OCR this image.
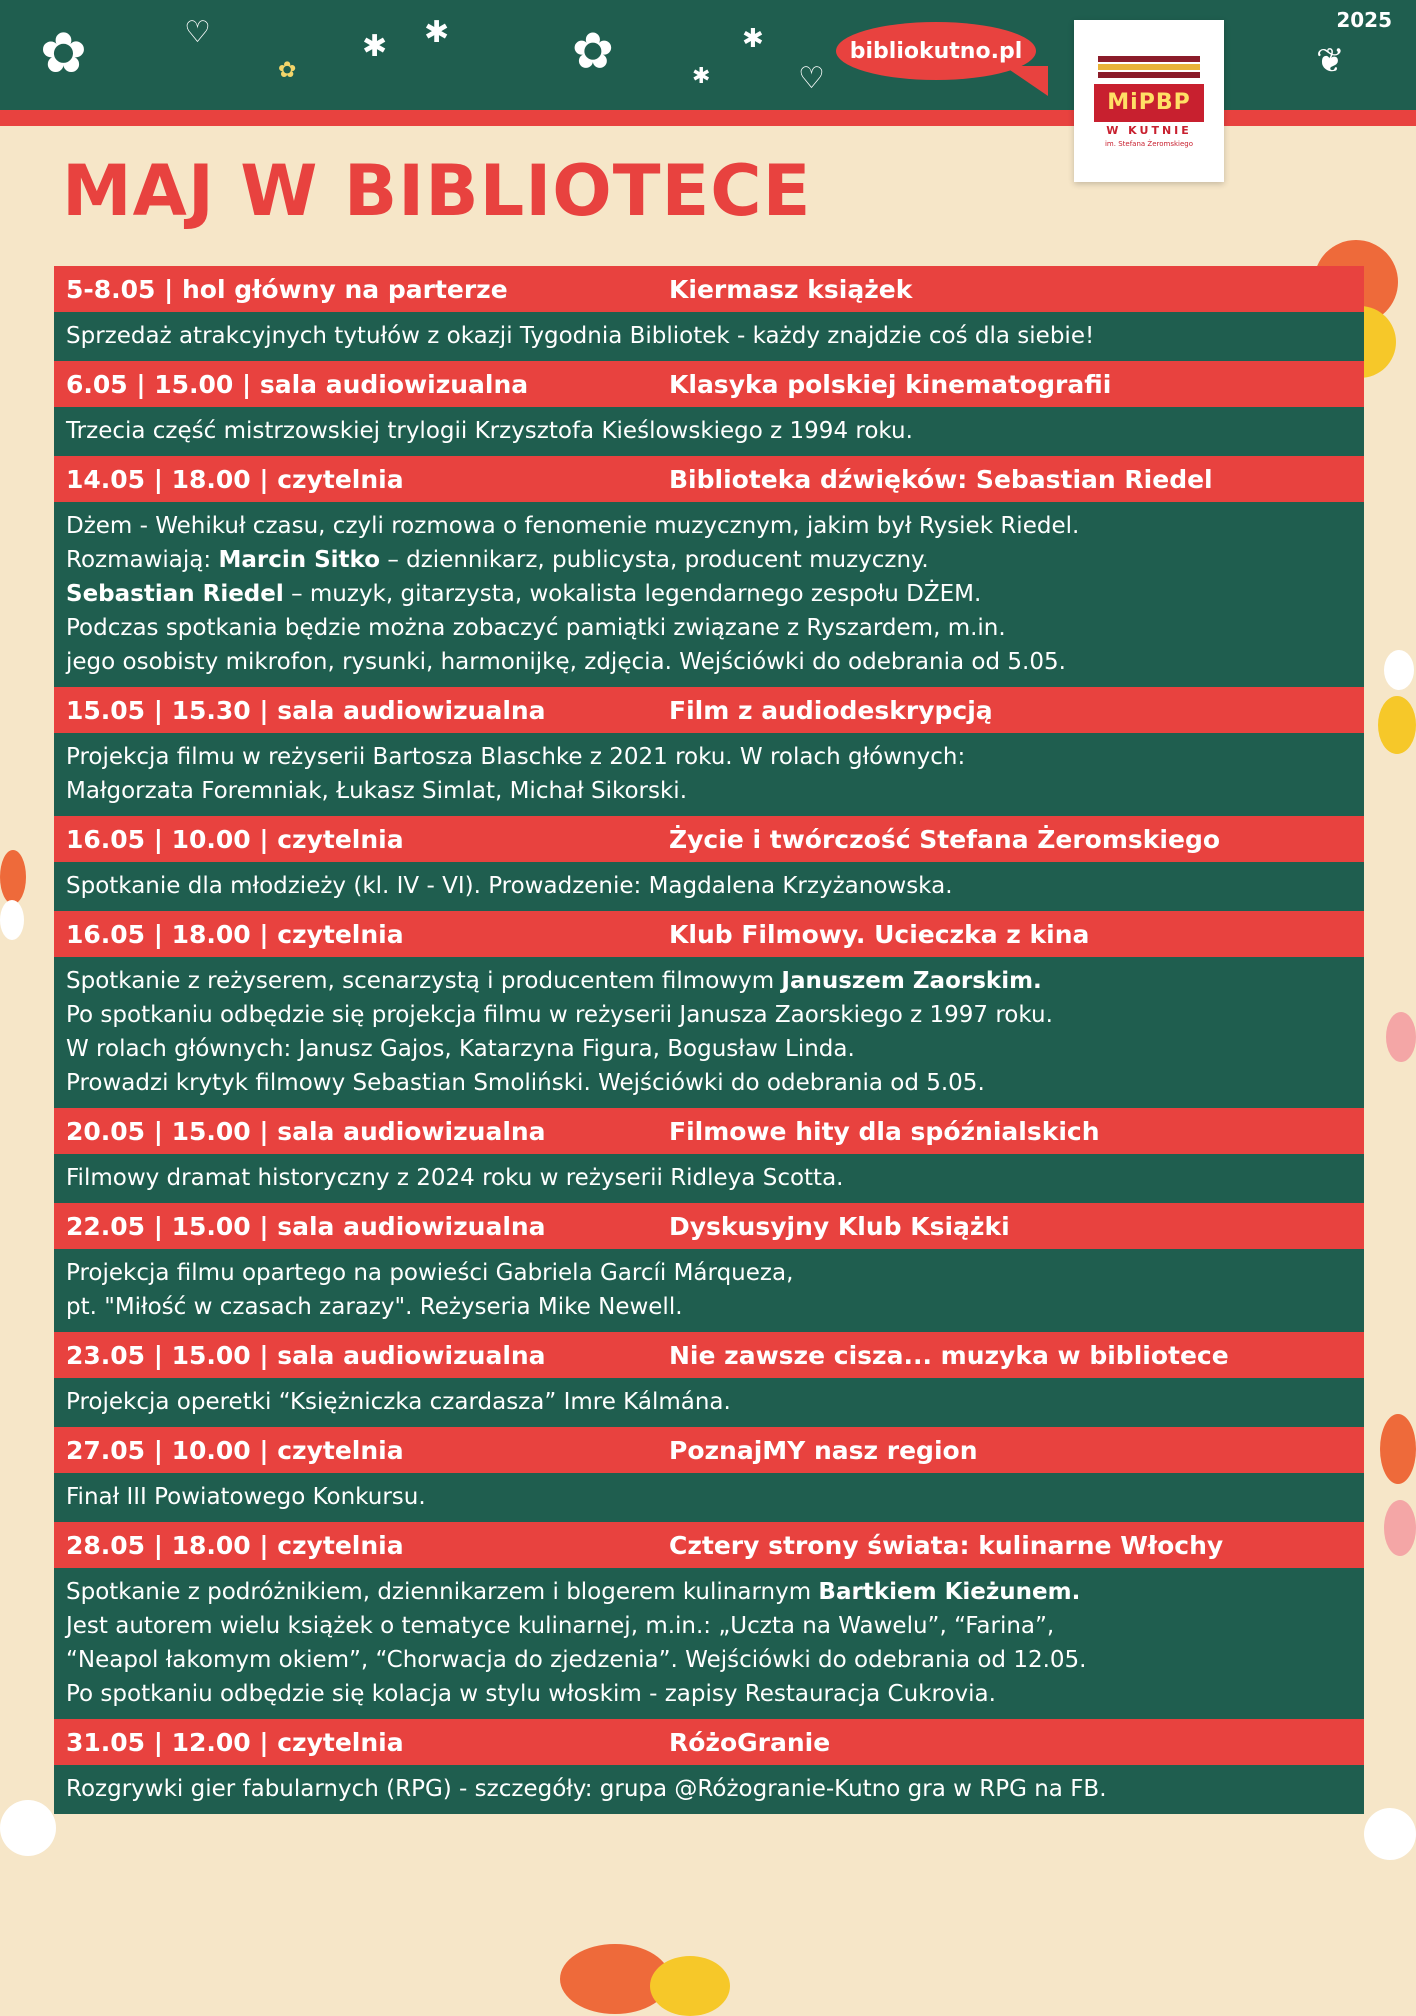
✿	♡
✿
✱ ✱ ✿	✱
✱
♡	❦
2025
bibliokutno.pl
MiPBP
W KUTNIE
im. Stefana Żeromskiego
MAJ W BIBLIOTECE
5-8.05 | hol główny na parterze	Kiermasz książek
Sprzedaż atrakcyjnych tytułów z okazji Tygodnia Bibliotek - każdy znajdzie coś dla siebie!
6.05 | 15.00 | sala audiowizualna	Klasyka polskiej kinematografii
Trzecia część mistrzowskiej trylogii Krzysztofa Kieślowskiego z 1994 roku.
14.05 | 18.00 | czytelnia	Biblioteka dźwięków: Sebastian Riedel
Dżem - Wehikuł czasu, czyli rozmowa o fenomenie muzycznym, jakim był Rysiek Riedel.
Rozmawiają: Marcin Sitko – dziennikarz, publicysta, producent muzyczny.
Sebastian Riedel – muzyk, gitarzysta, wokalista legendarnego zespołu DŻEM.
Podczas spotkania będzie można zobaczyć pamiątki związane z Ryszardem, m.in.
jego osobisty mikrofon, rysunki, harmonijkę, zdjęcia. Wejściówki do odebrania od 5.05.
15.05 | 15.30 | sala audiowizualna	Film z audiodeskrypcją
Projekcja filmu w reżyserii Bartosza Blaschke z 2021 roku. W rolach głównych:
Małgorzata Foremniak, Łukasz Simlat, Michał Sikorski.
16.05 | 10.00 | czytelnia	Życie i twórczość Stefana Żeromskiego
Spotkanie dla młodzieży (kl. IV - VI). Prowadzenie: Magdalena Krzyżanowska.
16.05 | 18.00 | czytelnia	Klub Filmowy. Ucieczka z kina
Spotkanie z reżyserem, scenarzystą i producentem filmowym Januszem Zaorskim.
Po spotkaniu odbędzie się projekcja filmu w reżyserii Janusza Zaorskiego z 1997 roku.
W rolach głównych: Janusz Gajos, Katarzyna Figura, Bogusław Linda.
Prowadzi krytyk filmowy Sebastian Smoliński. Wejściówki do odebrania od 5.05.
20.05 | 15.00 | sala audiowizualna	Filmowe hity dla spóźnialskich
Filmowy dramat historyczny z 2024 roku w reżyserii Ridleya Scotta.
22.05 | 15.00 | sala audiowizualna	Dyskusyjny Klub Książki
Projekcja filmu opartego na powieści Gabriela Garcíi Márqueza,
pt. "Miłość w czasach zarazy". Reżyseria Mike Newell.
23.05 | 15.00 | sala audiowizualna	Nie zawsze cisza... muzyka w bibliotece
Projekcja operetki “Księżniczka czardasza” Imre Kálmána.
27.05 | 10.00 | czytelnia	PoznajMY nasz region
Finał III Powiatowego Konkursu.
28.05 | 18.00 | czytelnia	Cztery strony świata: kulinarne Włochy
Spotkanie z podróżnikiem, dziennikarzem i blogerem kulinarnym Bartkiem Kieżunem.
Jest autorem wielu książek o tematyce kulinarnej, m.in.: „Uczta na Wawelu”, “Farina”,
“Neapol łakomym okiem”, “Chorwacja do zjedzenia”. Wejściówki do odebrania od 12.05.
Po spotkaniu odbędzie się kolacja w stylu włoskim - zapisy Restauracja Cukrovia.
31.05 | 12.00 | czytelnia	RóżoGranie
Rozgrywki gier fabularnych (RPG) - szczegóły: grupa @Różogranie-Kutno gra w RPG na FB.
